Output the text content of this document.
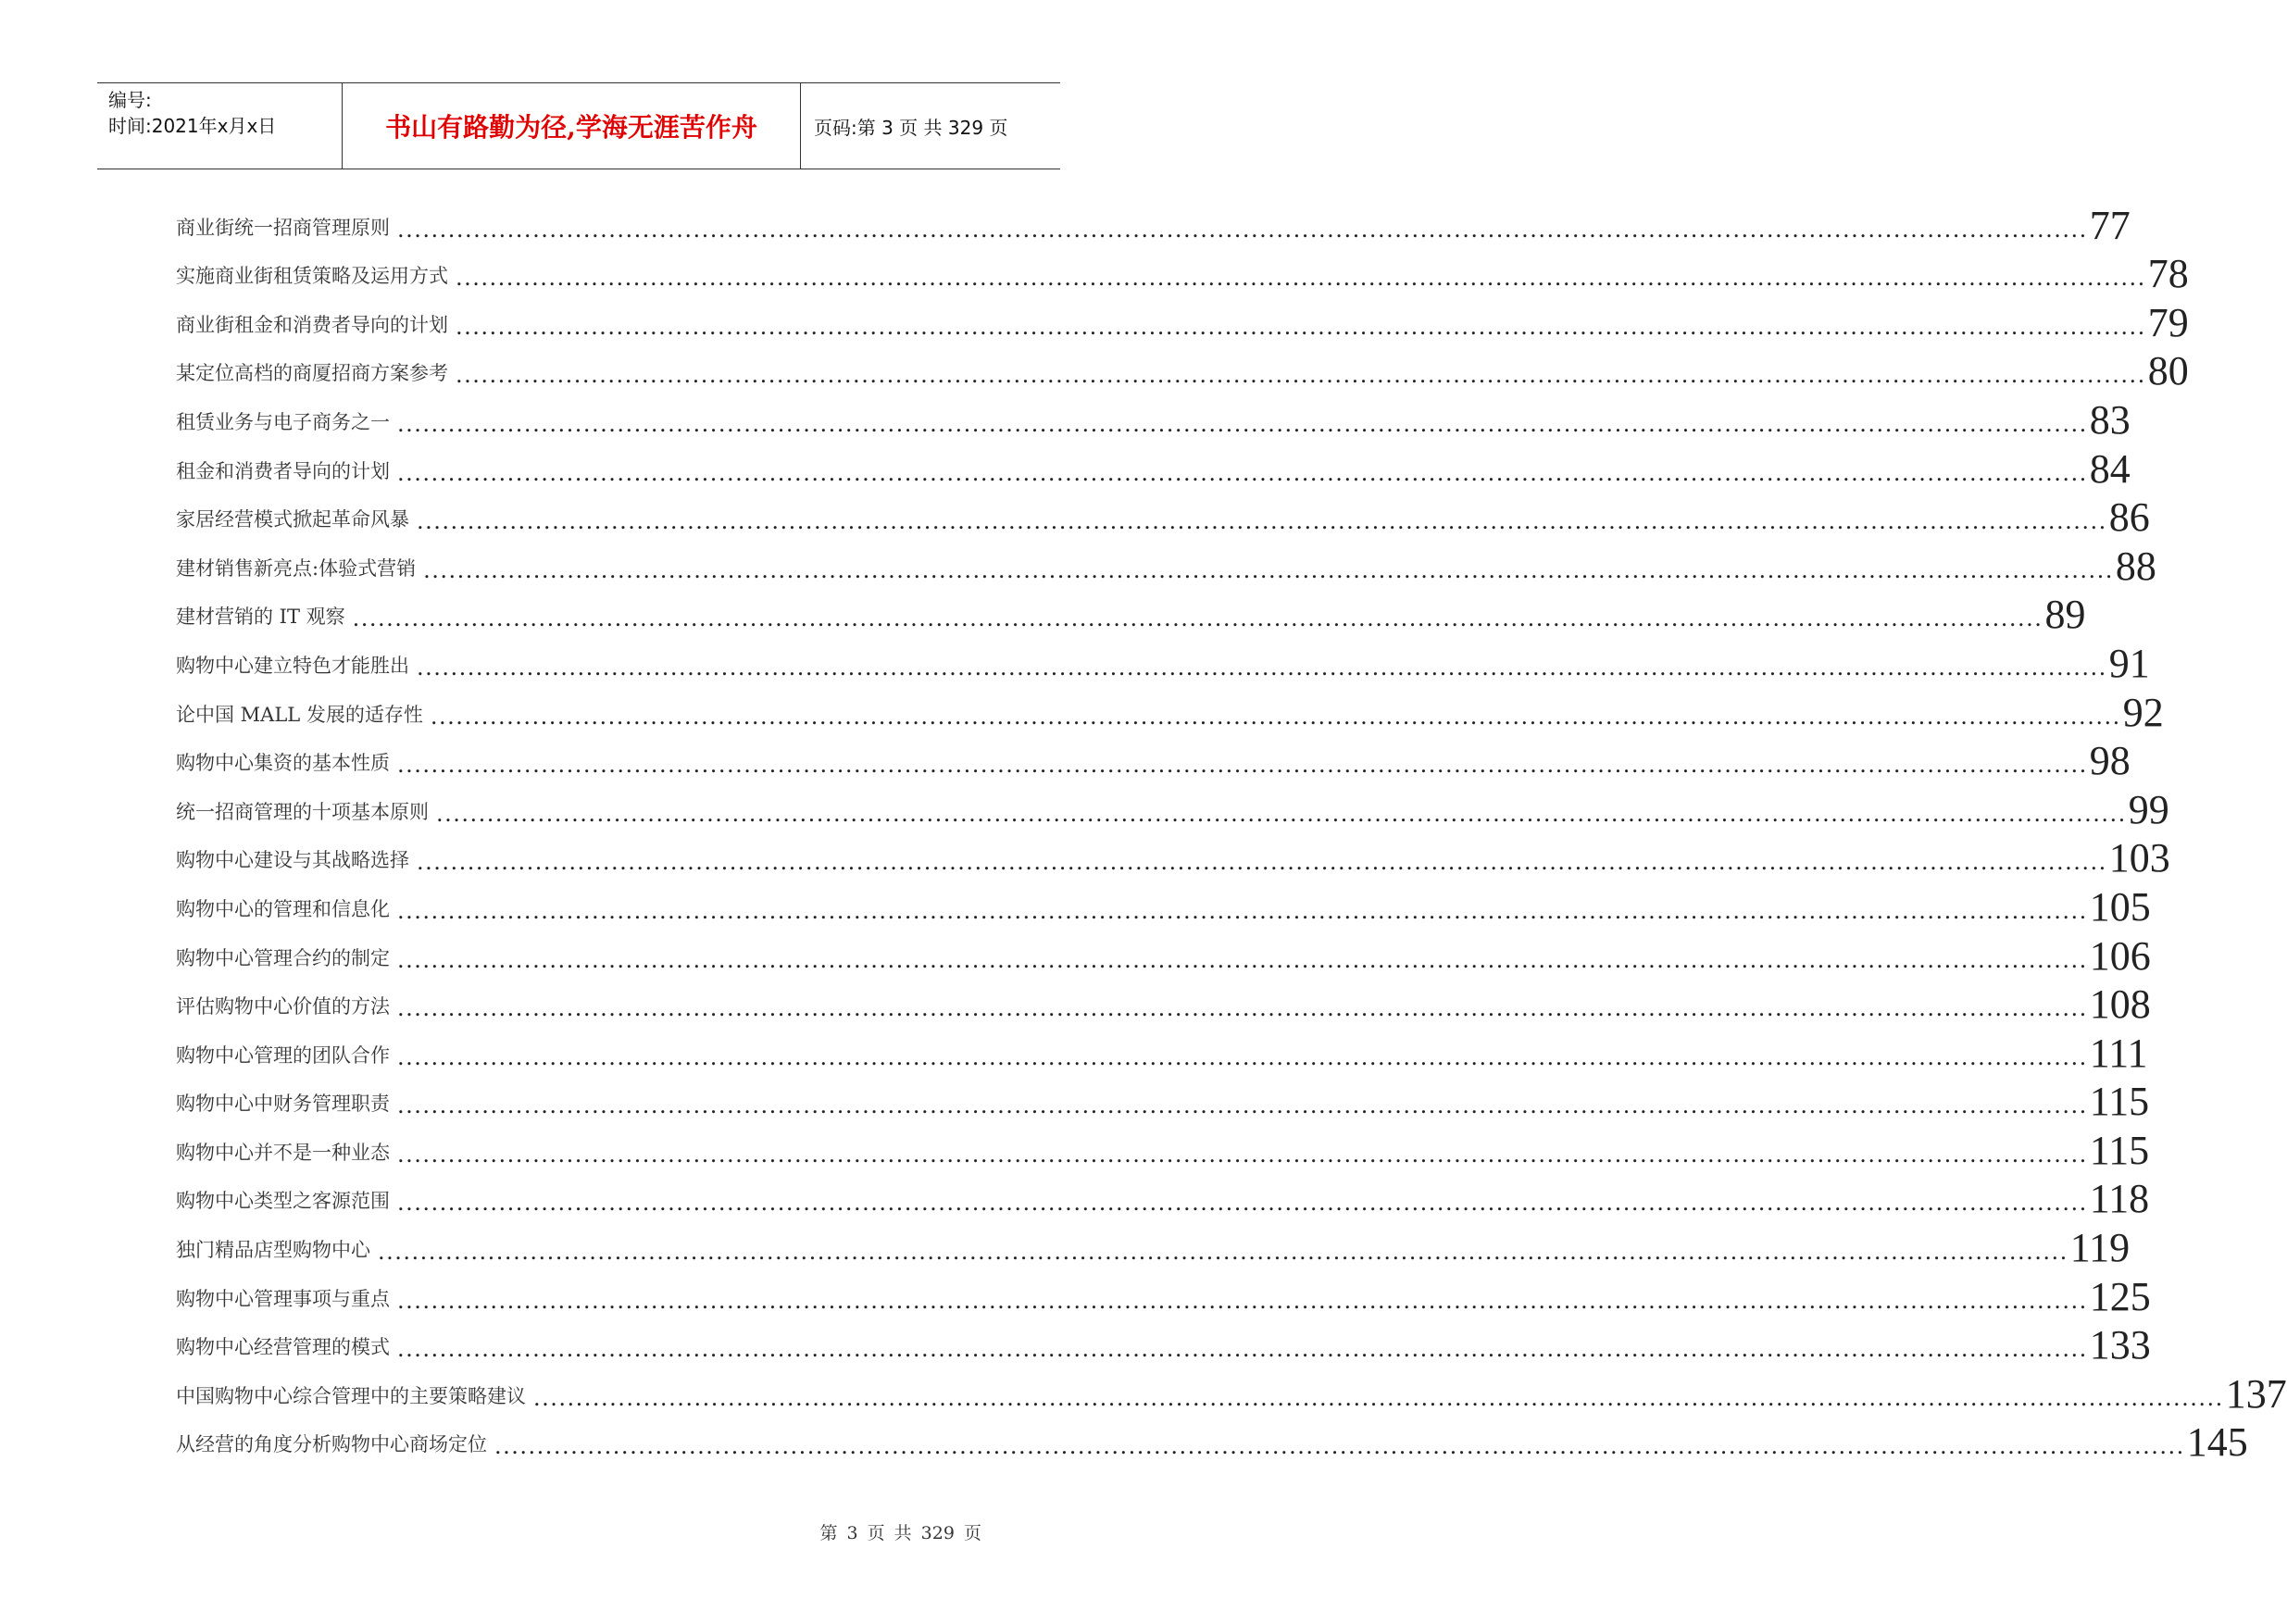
编号:
时间:2021年x月x日	书山有路勤为径,学海无涯苦作舟	页码:第 3 页 共 329 页
商业街统一招商管理原则 ........................................................................................................................................................................................................ 77
实施商业街租赁策略及运用方式 ........................................................................................................................................................................................................ 78
商业街租金和消费者导向的计划 ........................................................................................................................................................................................................ 79
某定位高档的商厦招商方案参考 ........................................................................................................................................................................................................ 80
租赁业务与电子商务之一 ........................................................................................................................................................................................................ 83
租金和消费者导向的计划 ........................................................................................................................................................................................................ 84
家居经营模式掀起革命风暴 ........................................................................................................................................................................................................ 86
建材销售新亮点:体验式营销 ........................................................................................................................................................................................................ 88
建材营销的 IT 观察 ........................................................................................................................................................................................................ 89
购物中心建立特色才能胜出 ........................................................................................................................................................................................................ 91
论中国 MALL 发展的适存性 ........................................................................................................................................................................................................ 92
购物中心集资的基本性质 ........................................................................................................................................................................................................ 98
统一招商管理的十项基本原则 ........................................................................................................................................................................................................ 99
购物中心建设与其战略选择 ........................................................................................................................................................................................................ 103
购物中心的管理和信息化 ........................................................................................................................................................................................................ 105
购物中心管理合约的制定 ........................................................................................................................................................................................................ 106
评估购物中心价值的方法 ........................................................................................................................................................................................................ 108
购物中心管理的团队合作 ........................................................................................................................................................................................................ 111
购物中心中财务管理职责 ........................................................................................................................................................................................................ 115
购物中心并不是一种业态 ........................................................................................................................................................................................................ 115
购物中心类型之客源范围 ........................................................................................................................................................................................................ 118
独门精品店型购物中心 ........................................................................................................................................................................................................ 119
购物中心管理事项与重点 ........................................................................................................................................................................................................ 125
购物中心经营管理的模式 ........................................................................................................................................................................................................ 133
中国购物中心综合管理中的主要策略建议 ........................................................................................................................................................................................................ 137
从经营的角度分析购物中心商场定位 ........................................................................................................................................................................................................ 145
第 3 页 共 329 页
